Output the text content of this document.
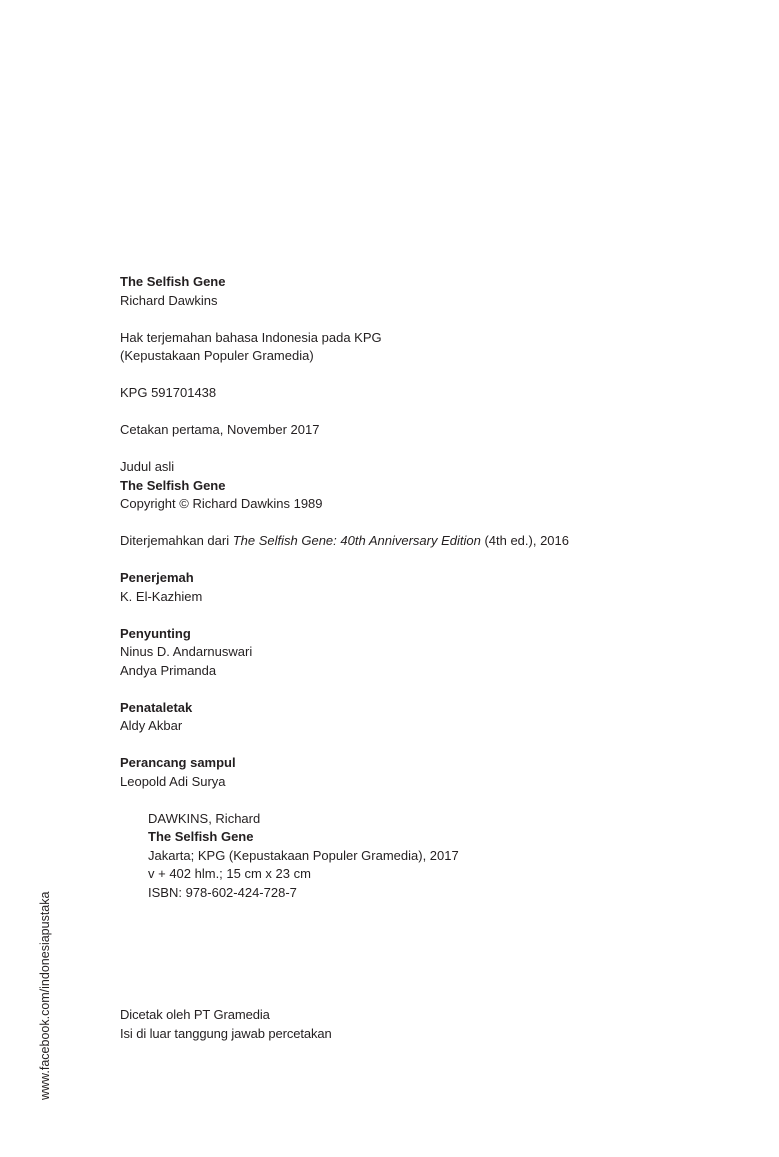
The Selfish Gene
Richard Dawkins
Hak terjemahan bahasa Indonesia pada KPG
(Kepustakaan Populer Gramedia)
KPG 591701438
Cetakan pertama, November 2017
Judul asli
The Selfish Gene
Copyright © Richard Dawkins 1989
Diterjemahkan dari The Selfish Gene: 40th Anniversary Edition (4th ed.), 2016
Penerjemah
K. El-Kazhiem
Penyunting
Ninus D. Andarnuswari
Andya Primanda
Penataletak
Aldy Akbar
Perancang sampul
Leopold Adi Surya
DAWKINS, Richard
The Selfish Gene
Jakarta; KPG (Kepustakaan Populer Gramedia), 2017
v + 402 hlm.; 15 cm x 23 cm
ISBN: 978-602-424-728-7
Dicetak oleh PT Gramedia
Isi di luar tanggung jawab percetakan
www.facebook.com/indonesiapustaka
